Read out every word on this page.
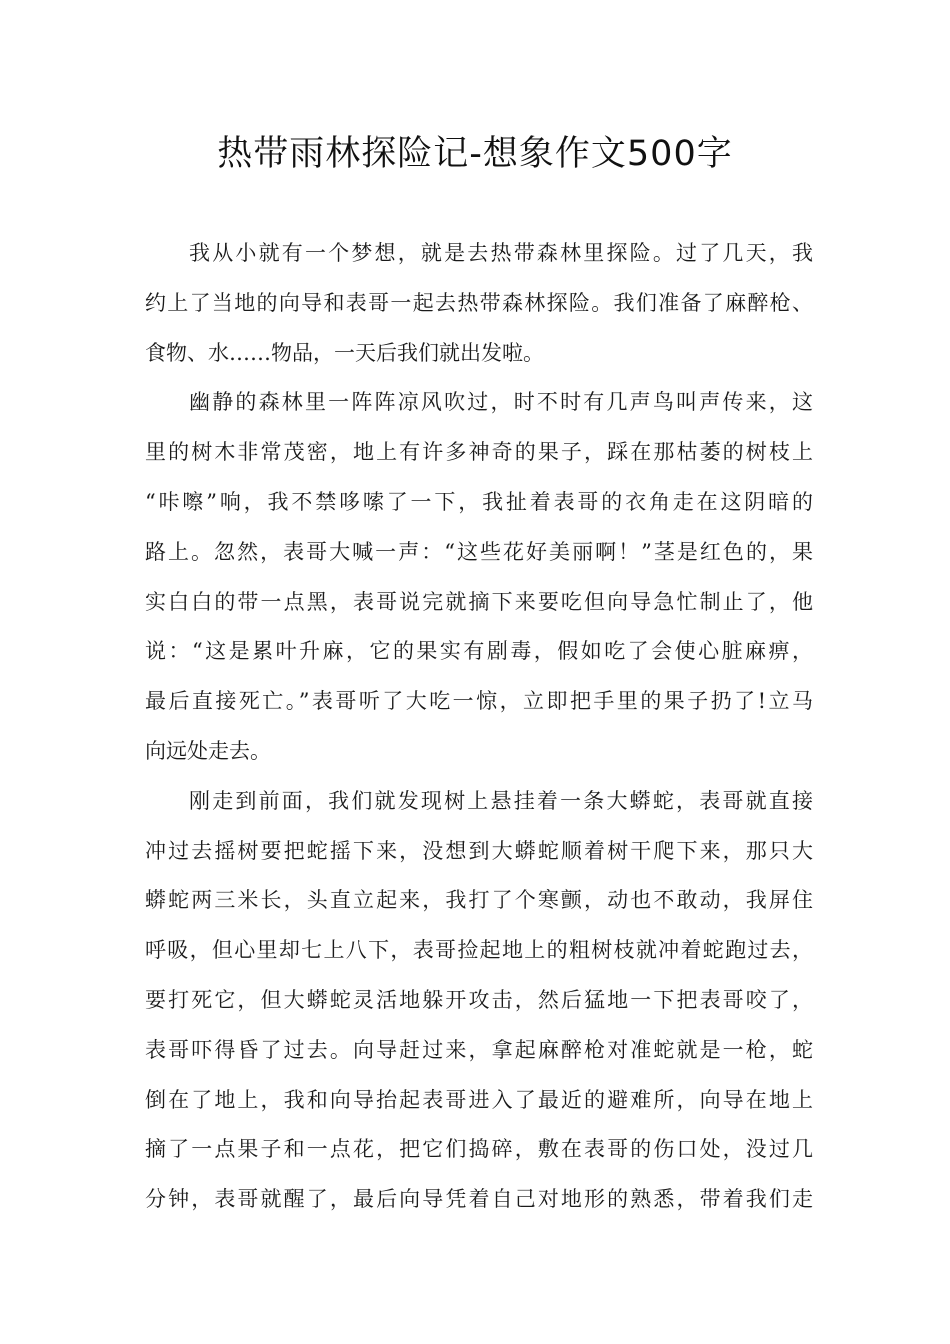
热带雨林探险记-想象作文500字
我从小就有一个梦想，就是去热带森林里探险。过了几天，我
约上了当地的向导和表哥一起去热带森林探险。我们准备了麻醉枪、
食物、水……物品，一天后我们就出发啦。
幽静的森林里一阵阵凉风吹过，时不时有几声鸟叫声传来，这
里的树木非常茂密，地上有许多神奇的果子，踩在那枯萎的树枝上
“咔嚓”响，我不禁哆嗦了一下，我扯着表哥的衣角走在这阴暗的
路上。忽然，表哥大喊一声：“这些花好美丽啊！”茎是红色的，果
实白白的带一点黑，表哥说完就摘下来要吃但向导急忙制止了，他
说：“这是累叶升麻，它的果实有剧毒，假如吃了会使心脏麻痹，
最后直接死亡。”表哥听了大吃一惊，立即把手里的果子扔了!立马
向远处走去。
刚走到前面，我们就发现树上悬挂着一条大蟒蛇，表哥就直接
冲过去摇树要把蛇摇下来，没想到大蟒蛇顺着树干爬下来，那只大
蟒蛇两三米长，头直立起来，我打了个寒颤，动也不敢动，我屏住
呼吸，但心里却七上八下，表哥捡起地上的粗树枝就冲着蛇跑过去，
要打死它，但大蟒蛇灵活地躲开攻击，然后猛地一下把表哥咬了，
表哥吓得昏了过去。向导赶过来，拿起麻醉枪对准蛇就是一枪，蛇
倒在了地上，我和向导抬起表哥进入了最近的避难所，向导在地上
摘了一点果子和一点花，把它们捣碎，敷在表哥的伤口处，没过几
分钟，表哥就醒了，最后向导凭着自己对地形的熟悉，带着我们走
